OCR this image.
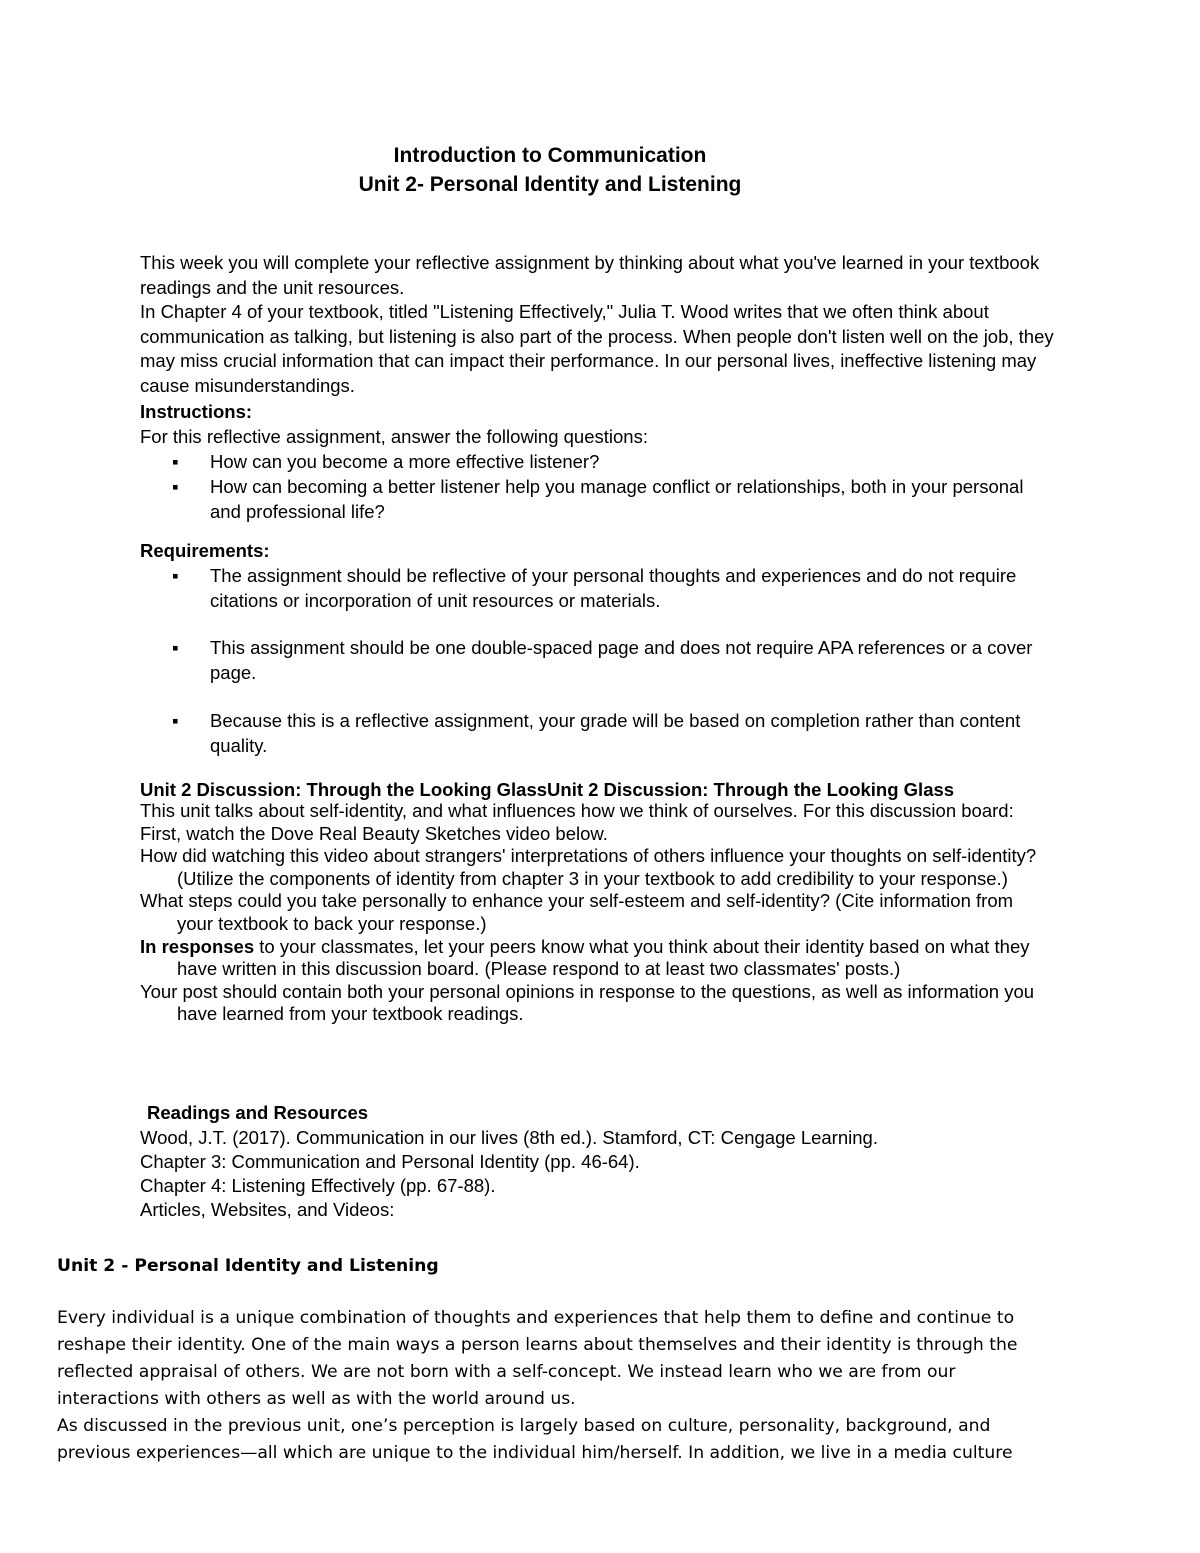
Introduction to Communication
Unit 2- Personal Identity and Listening

This week you will complete your reflective assignment by thinking about what you've learned in your textbook readings and the unit resources.

In Chapter 4 of your textbook, titled "Listening Effectively," Julia T. Wood writes that we often think about communication as talking, but listening is also part of the process. When people don't listen well on the job, they may miss crucial information that can impact their performance. In our personal lives, ineffective listening may cause misunderstandings.

Instructions:
For this reflective assignment, answer the following questions:
▪ How can you become a more effective listener?
▪ How can becoming a better listener help you manage conflict or relationships, both in your personal and professional life?
Requirements:
▪ The assignment should be reflective of your personal thoughts and experiences and do not require citations or incorporation of unit resources or materials.
▪ This assignment should be one double-spaced page and does not require APA references or a cover page.
▪ Because this is a reflective assignment, your grade will be based on completion rather than content quality.
Unit 2 Discussion: Through the Looking GlassUnit 2 Discussion: Through the Looking Glass

This unit talks about self-identity, and what influences how we think of ourselves. For this discussion board:

First, watch the Dove Real Beauty Sketches video below.

How did watching this video about strangers' interpretations of others influence your thoughts on self-identity? (Utilize the components of identity from chapter 3 in your textbook to add credibility to your response.)

What steps could you take personally to enhance your self-esteem and self-identity? (Cite information from your textbook to back your response.)

In responses to your classmates, let your peers know what you think about their identity based on what they have written in this discussion board. (Please respond to at least two classmates' posts.)

Your post should contain both your personal opinions in response to the questions, as well as information you have learned from your textbook readings.

Readings and Resources
Wood, J.T. (2017). Communication in our lives (8th ed.). Stamford, CT: Cengage Learning.
Chapter 3: Communication and Personal Identity (pp. 46-64).
Chapter 4: Listening Effectively (pp. 67-88).
Articles, Websites, and Videos:
Unit 2 - Personal Identity and Listening

Every individual is a unique combination of thoughts and experiences that help them to define and continue to reshape their identity. One of the main ways a person learns about themselves and their identity is through the reflected appraisal of others. We are not born with a self-concept. We instead learn who we are from our interactions with others as well as with the world around us.

As discussed in the previous unit, one’s perception is largely based on culture, personality, background, and previous experiences—all which are unique to the individual him/herself. In addition, we live in a media culture
